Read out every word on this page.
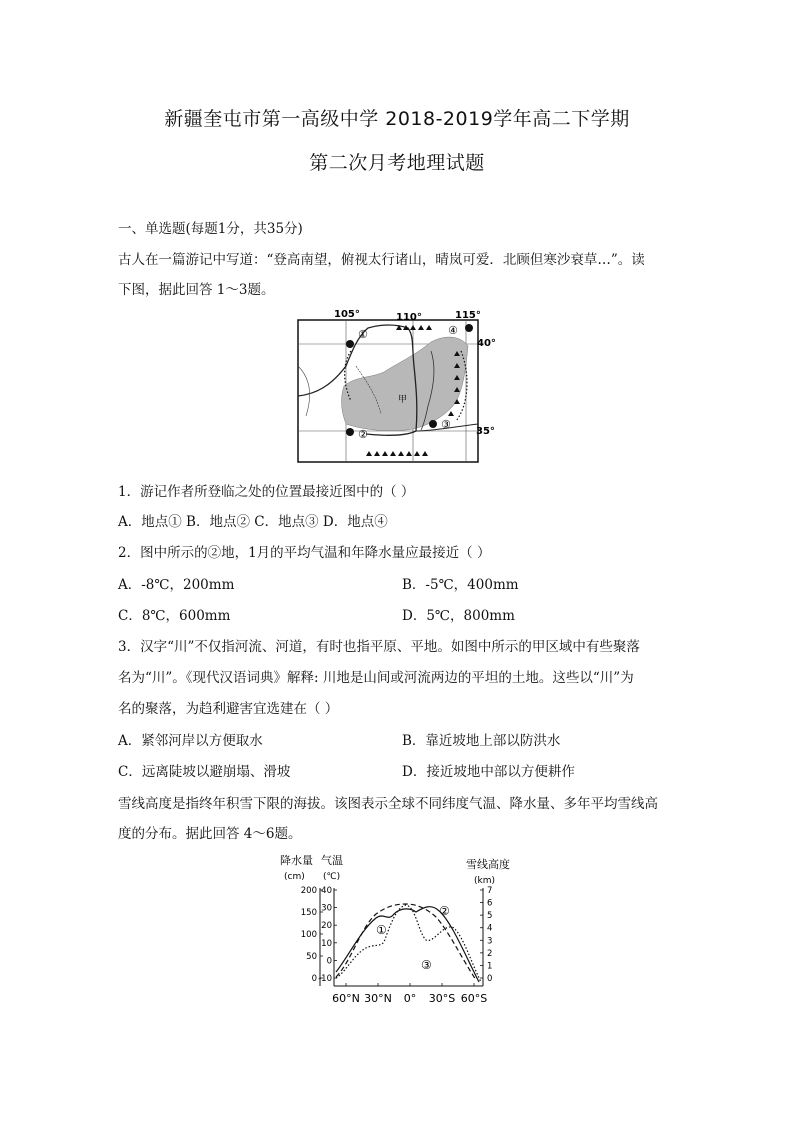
新疆奎屯市第一高级中学 2018-2019学年高二下学期
第二次月考地理试题
一、单选题(每题1分，共35分)
古人在一篇游记中写道：“登高南望，俯视太行诸山，晴岚可爱．北顾但寒沙衰草…”。读
下图，据此回答 1～3题。
①
②
③
④
甲
105°	110°	115°
40°
35°
1．游记作者所登临之处的位置最接近图中的（ ）
A．地点① B．地点② C．地点③ D．地点④
2．图中所示的②地，1月的平均气温和年降水量应最接近（ ）
A．-8℃，200mm	B．-5℃，400mm
C．8℃，600mm	D．5℃，800mm
3．汉字“川”不仅指河流、河道，有时也指平原、平地。如图中所示的甲区域中有些聚落
名为“川”。《现代汉语词典》解释: 川地是山间或河流两边的平坦的土地。这些以“川”为
名的聚落，为趋利避害宜选建在（ ）
A．紧邻河岸以方便取水	B．靠近坡地上部以防洪水
C．远离陡坡以避崩塌、滑坡	D．接近坡地中部以方便耕作
雪线高度是指终年积雪下限的海拔。该图表示全球不同纬度气温、降水量、多年平均雪线高
度的分布。据此回答 4～6题。
降水量
(cm)
气温
(℃)
雪线高度
(km)
200
150
100
50
0
40
30
20
10
0
-10
7
6
5
4
3
2
1
0
60°N 30°N 0° 30°S 60°S
①
②
③
